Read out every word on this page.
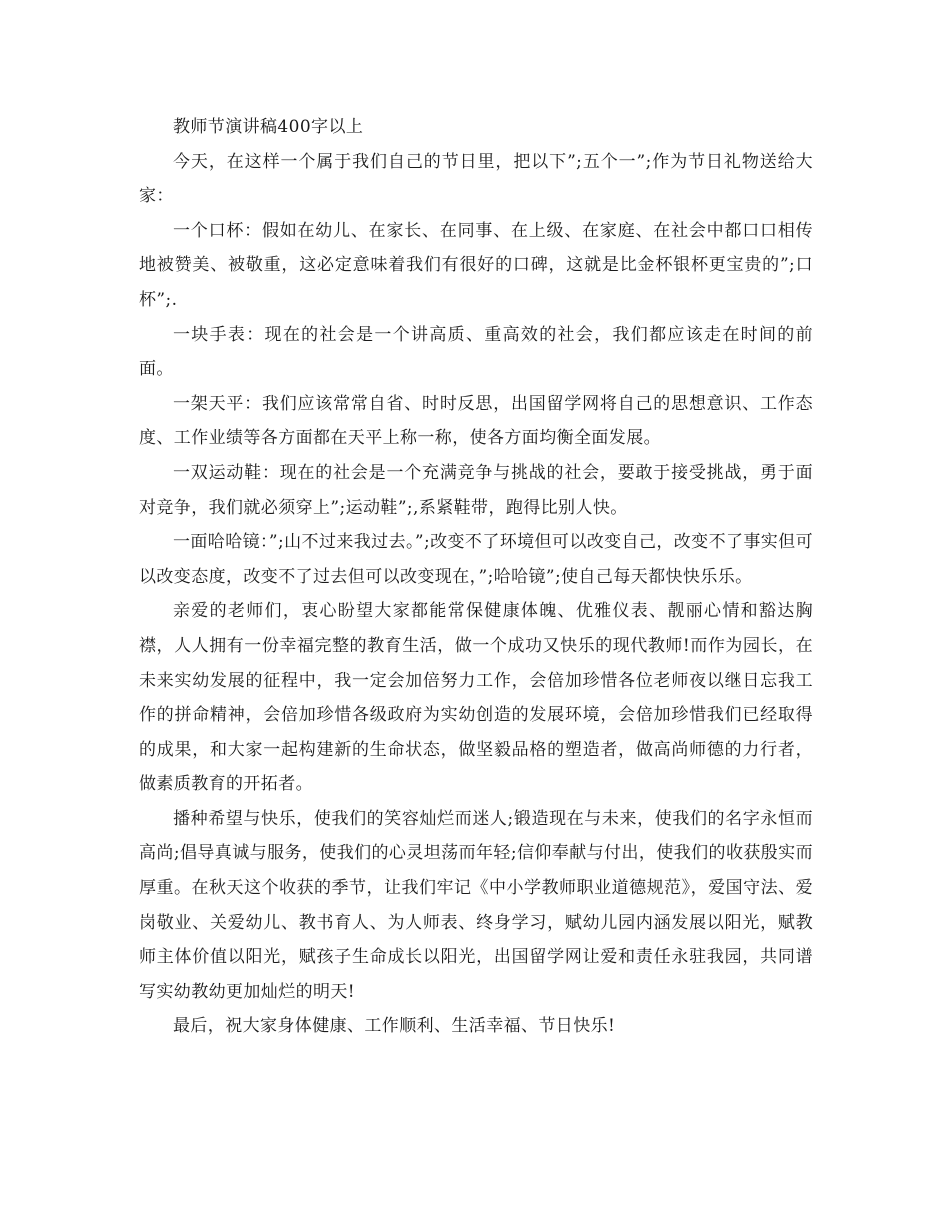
教师节演讲稿400字以上

今天，在这样一个属于我们自己的节日里，把以下”;五个一”;作为节日礼物送给大家：

一个口杯：假如在幼儿、在家长、在同事、在上级、在家庭、在社会中都口口相传地被赞美、被敬重，这必定意味着我们有很好的口碑，这就是比金杯银杯更宝贵的”;口杯”;.

一块手表：现在的社会是一个讲高质、重高效的社会，我们都应该走在时间的前面。

一架天平：我们应该常常自省、时时反思，出国留学网将自己的思想意识、工作态度、工作业绩等各方面都在天平上称一称，使各方面均衡全面发展。

一双运动鞋：现在的社会是一个充满竞争与挑战的社会，要敢于接受挑战，勇于面对竞争，我们就必须穿上”;运动鞋”;,系紧鞋带，跑得比别人快。

一面哈哈镜：”;山不过来我过去。”;改变不了环境但可以改变自己，改变不了事实但可以改变态度，改变不了过去但可以改变现在，”;哈哈镜”;使自己每天都快快乐乐。

亲爱的老师们，衷心盼望大家都能常保健康体魄、优雅仪表、靓丽心情和豁达胸襟，人人拥有一份幸福完整的教育生活，做一个成功又快乐的现代教师!而作为园长，在未来实幼发展的征程中，我一定会加倍努力工作，会倍加珍惜各位老师夜以继日忘我工作的拼命精神，会倍加珍惜各级政府为实幼创造的发展环境，会倍加珍惜我们已经取得的成果，和大家一起构建新的生命状态，做坚毅品格的塑造者，做高尚师德的力行者，做素质教育的开拓者。

播种希望与快乐，使我们的笑容灿烂而迷人;锻造现在与未来，使我们的名字永恒而高尚;倡导真诚与服务，使我们的心灵坦荡而年轻;信仰奉献与付出，使我们的收获殷实而厚重。在秋天这个收获的季节，让我们牢记《中小学教师职业道德规范》，爱国守法、爱岗敬业、关爱幼儿、教书育人、为人师表、终身学习，赋幼儿园内涵发展以阳光，赋教师主体价值以阳光，赋孩子生命成长以阳光，出国留学网让爱和责任永驻我园，共同谱写实幼教幼更加灿烂的明天!

最后，祝大家身体健康、工作顺利、生活幸福、节日快乐!
